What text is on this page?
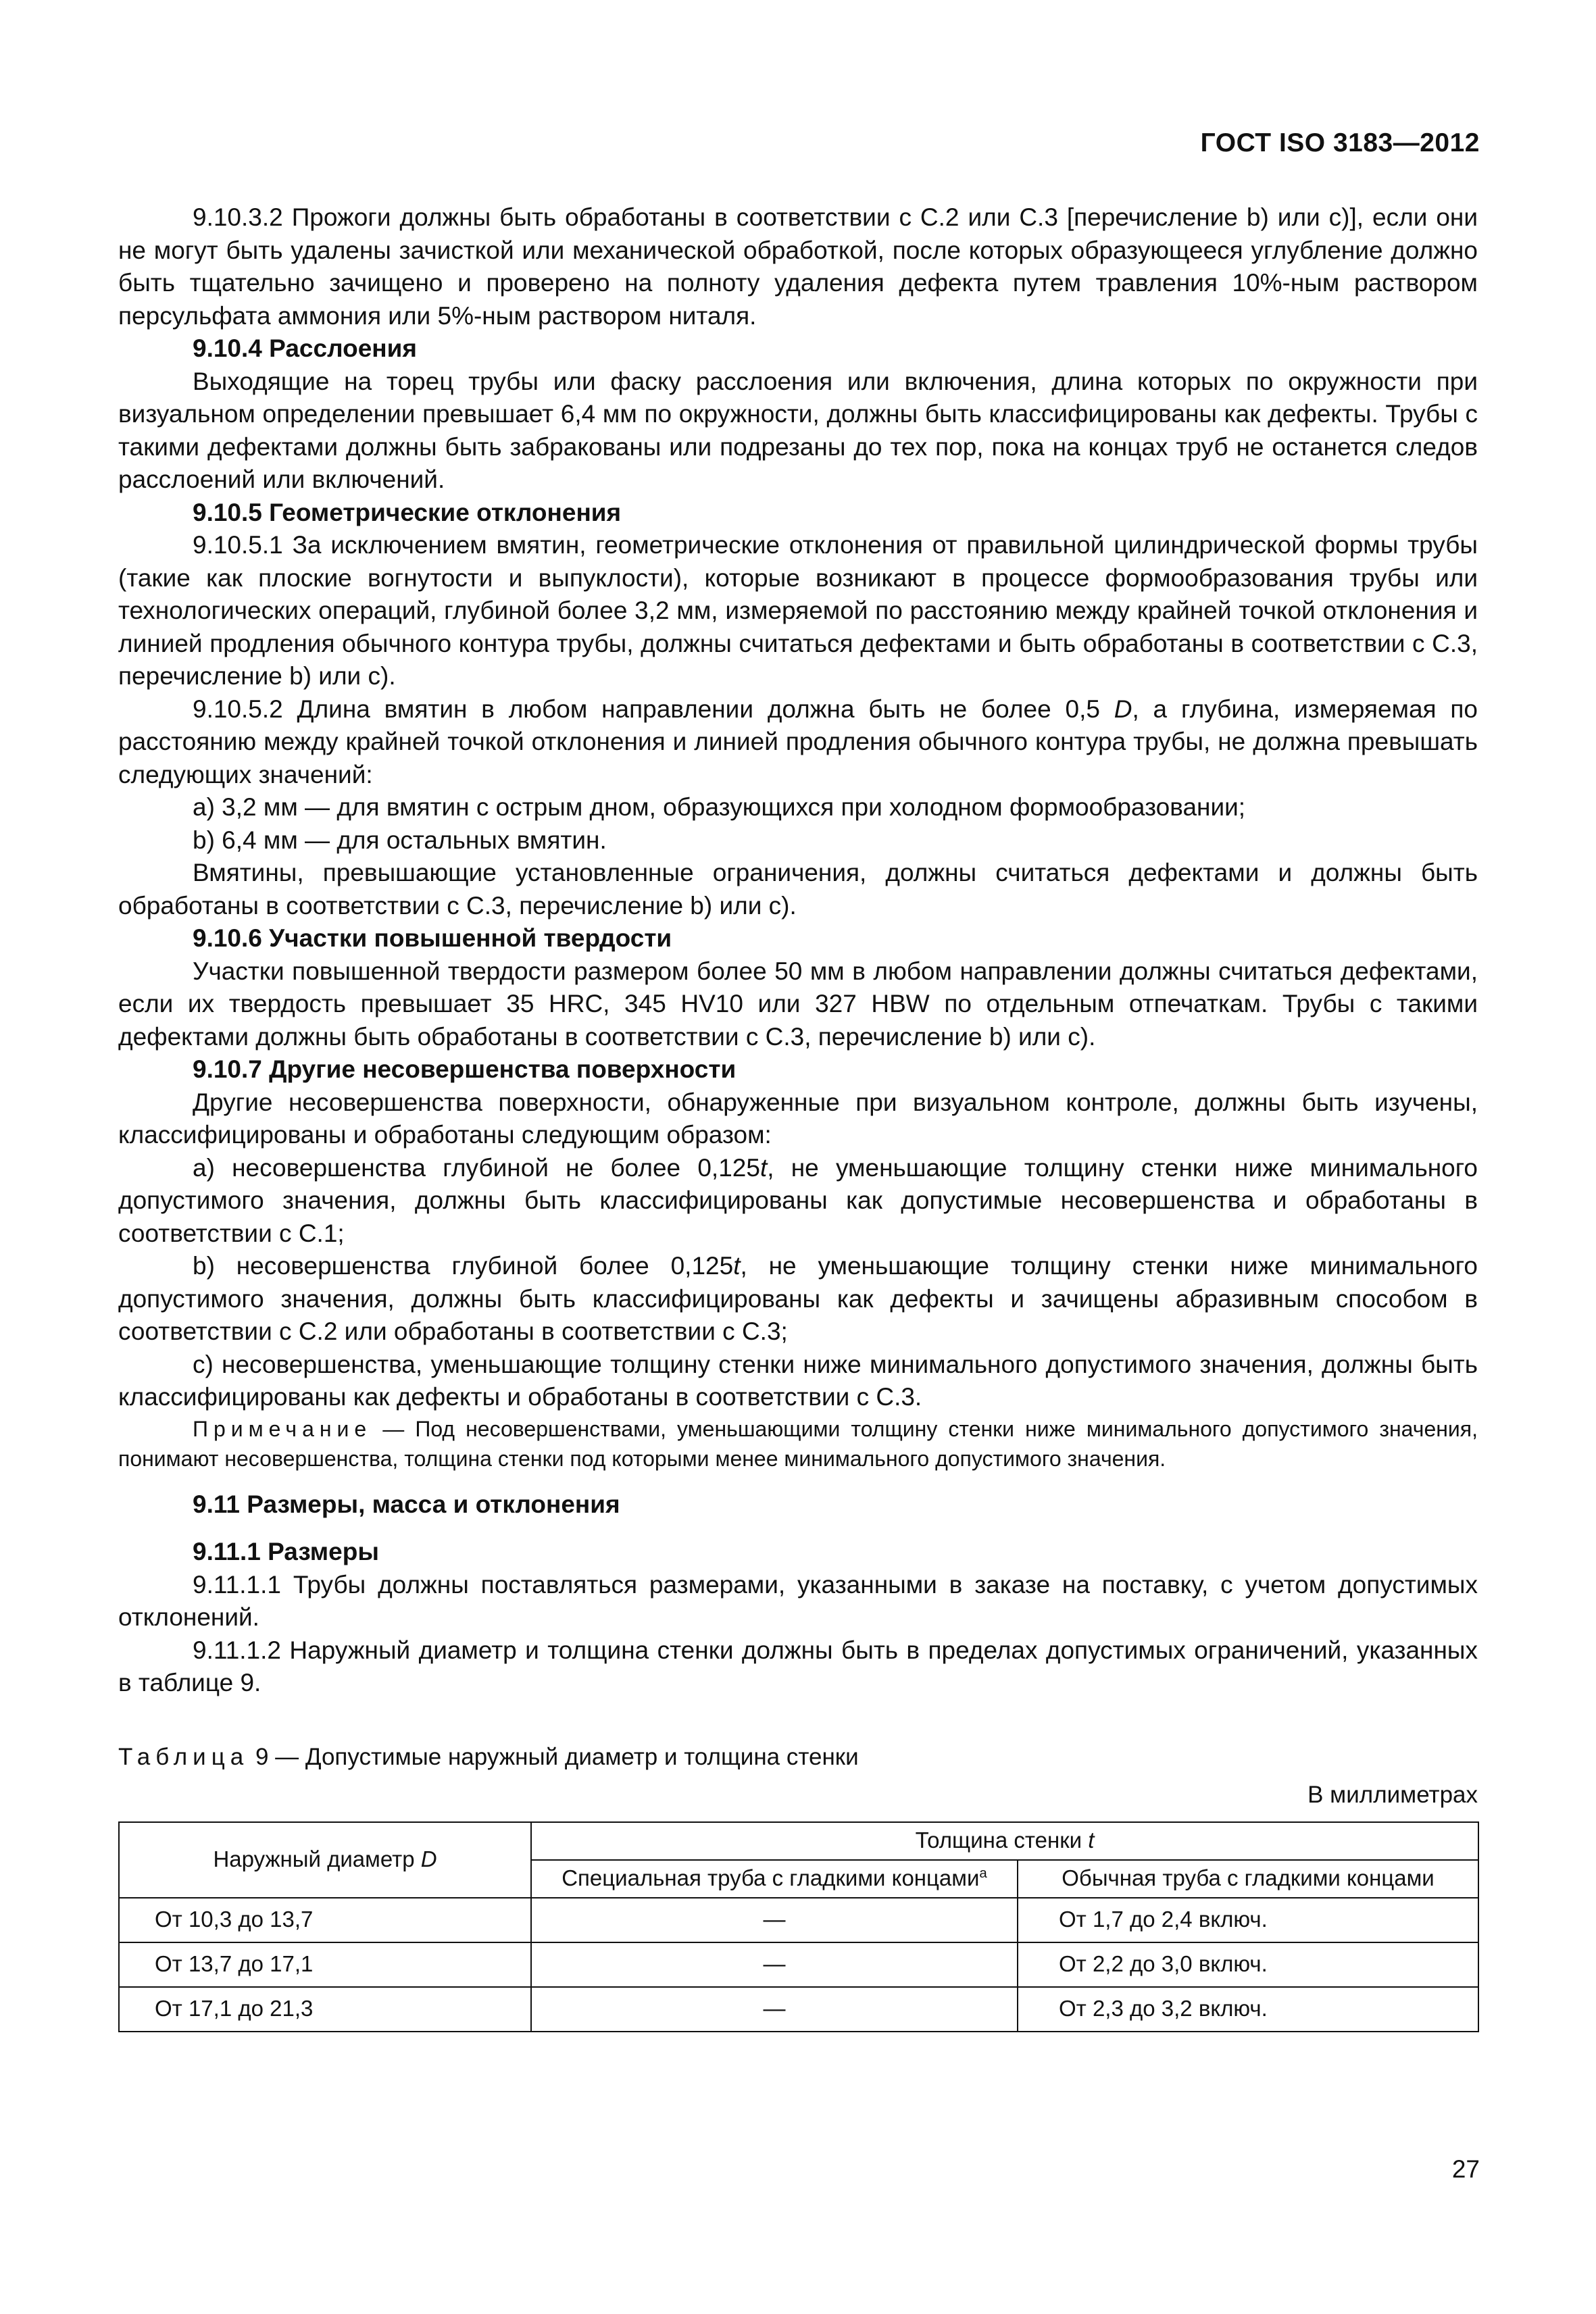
ГОСТ ISO 3183—2012

9.10.3.2 Прожоги должны быть обработаны в соответствии с С.2 или С.3 [перечисление b) или с)], если они не могут быть удалены зачисткой или механической обработкой, после которых образующееся углубление должно быть тщательно зачищено и проверено на полноту удаления дефекта путем травления 10%-ным раствором персульфата аммония или 5%-ным раствором ниталя.

9.10.4 Расслоения

Выходящие на торец трубы или фаску расслоения или включения, длина которых по окружности при визуальном определении превышает 6,4 мм по окружности, должны быть классифицированы как дефекты. Трубы с такими дефектами должны быть забракованы или подрезаны до тех пор, пока на концах труб не останется следов расслоений или включений.

9.10.5 Геометрические отклонения

9.10.5.1 За исключением вмятин, геометрические отклонения от правильной цилиндрической формы трубы (такие как плоские вогнутости и выпуклости), которые возникают в процессе формообразования трубы или технологических операций, глубиной более 3,2 мм, измеряемой по расстоянию между крайней точкой отклонения и линией продления обычного контура трубы, должны считаться дефектами и быть обработаны в соответствии с С.3, перечисление b) или с).

9.10.5.2 Длина вмятин в любом направлении должна быть не более 0,5 D, а глубина, измеряемая по расстоянию между крайней точкой отклонения и линией продления обычного контура трубы, не должна превышать следующих значений:

а) 3,2 мм — для вмятин с острым дном, образующихся при холодном формообразовании;

b) 6,4 мм — для остальных вмятин.

Вмятины, превышающие установленные ограничения, должны считаться дефектами и должны быть обработаны в соответствии с С.3, перечисление b) или с).

9.10.6 Участки повышенной твердости

Участки повышенной твердости размером более 50 мм в любом направлении должны считаться дефектами, если их твердость превышает 35 HRC, 345 HV10 или 327 HBW по отдельным отпечаткам. Трубы с такими дефектами должны быть обработаны в соответствии с С.3, перечисление b) или с).

9.10.7 Другие несовершенства поверхности

Другие несовершенства поверхности, обнаруженные при визуальном контроле, должны быть изучены, классифицированы и обработаны следующим образом:

а) несовершенства глубиной не более 0,125t, не уменьшающие толщину стенки ниже минимального допустимого значения, должны быть классифицированы как допустимые несовершенства и обработаны в соответствии с С.1;

b) несовершенства глубиной более 0,125t, не уменьшающие толщину стенки ниже минимального допустимого значения, должны быть классифицированы как дефекты и зачищены абразивным способом в соответствии с С.2 или обработаны в соответствии с С.3;

с) несовершенства, уменьшающие толщину стенки ниже минимального допустимого значения, должны быть классифицированы как дефекты и обработаны в соответствии с С.3.

Примечание — Под несовершенствами, уменьшающими толщину стенки ниже минимального допустимого значения, понимают несовершенства, толщина стенки под которыми менее минимального допустимого значения.

9.11 Размеры, масса и отклонения
9.11.1 Размеры

9.11.1.1 Трубы должны поставляться размерами, указанными в заказе на поставку, с учетом допустимых отклонений.

9.11.1.2 Наружный диаметр и толщина стенки должны быть в пределах допустимых ограничений, указанных в таблице 9.

Таблица 9 — Допустимые наружный диаметр и толщина стенки
В миллиметрах
Наружный диаметр D	Толщина стенки t	
	Специальная труба с гладкими концами$^a$	Обычная труба с гладкими концами
От 10,3 до 13,7	—	От 1,7 до 2,4 включ.
От 13,7 до 17,1	—	От 2,2 до 3,0 включ.
От 17,1 до 21,3	—	От 2,3 до 3,2 включ.
27
